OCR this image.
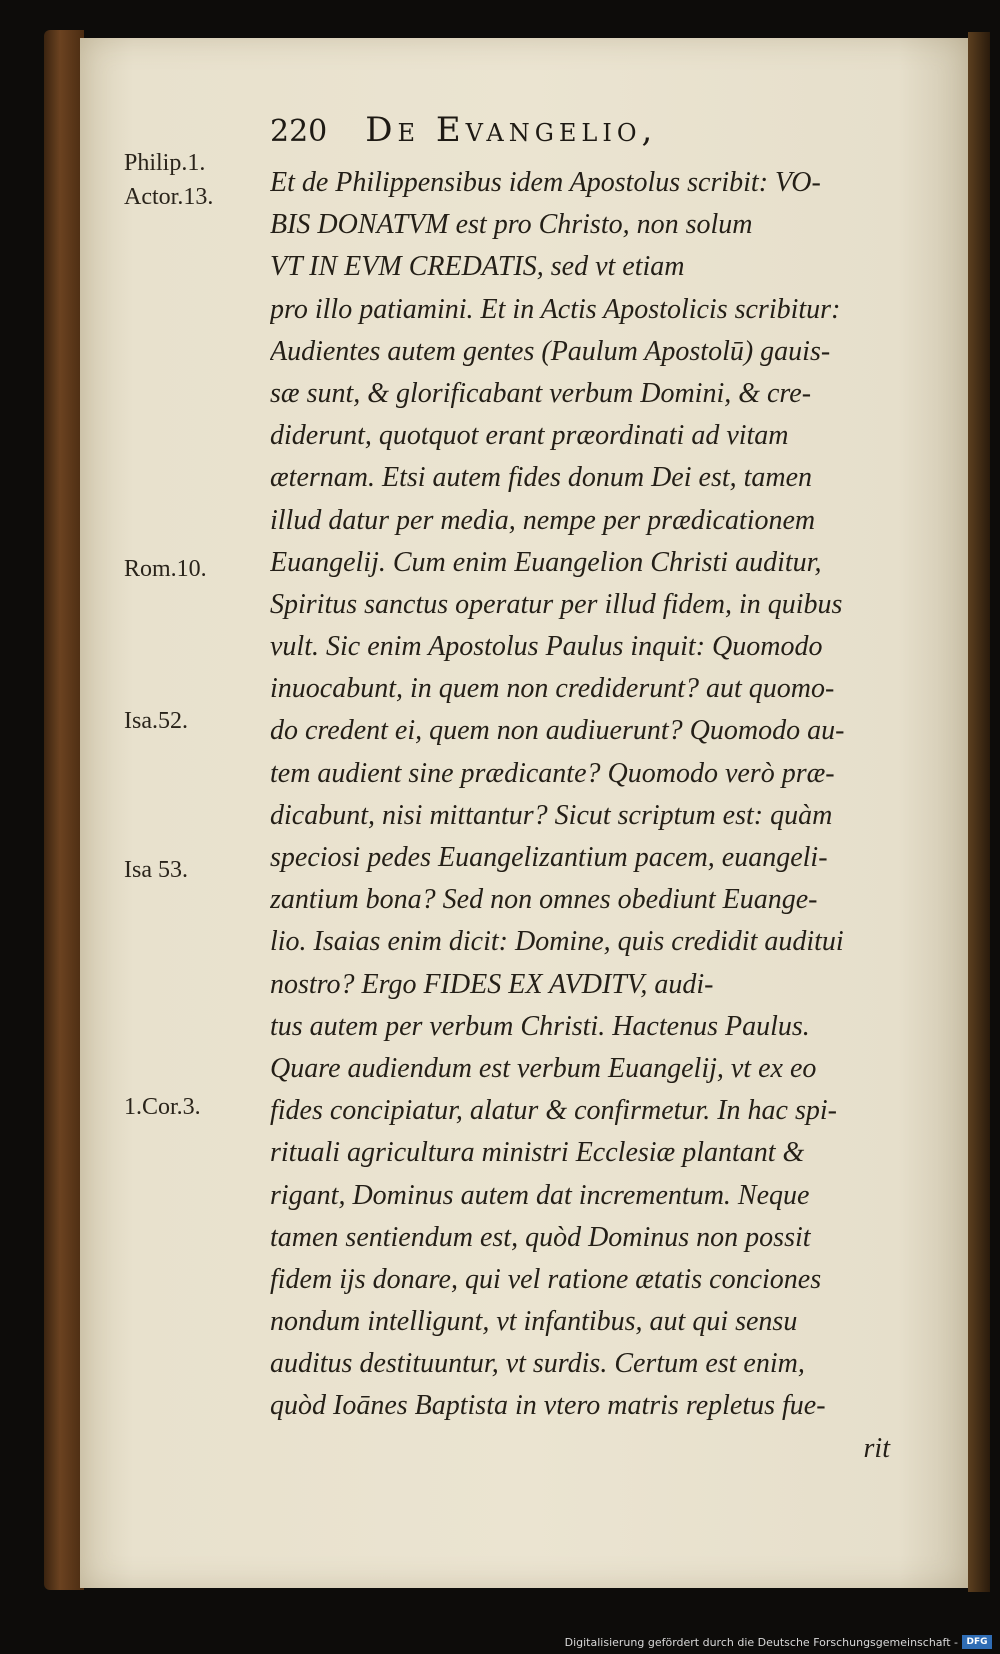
220 De Evangelio,
Philip.1.
Actor.13.
Rom.10.
Isa.52.
Isa 53.
1.Cor.3.
Et de Philippensibus idem Apostolus scribit: VO-
BIS DONATVM est pro Christo, non solum
VT IN EVM CREDATIS, sed vt etiam
pro illo patiamini. Et in Actis Apostolicis scribitur:
Audientes autem gentes (Paulum Apostolū) gauis-
sæ sunt, & glorificabant verbum Domini, & cre-
diderunt, quotquot erant præordinati ad vitam
æternam. Etsi autem fides donum Dei est, tamen
illud datur per media, nempe per prædicationem
Euangelij. Cum enim Euangelion Christi auditur,
Spiritus sanctus operatur per illud fidem, in quibus
vult. Sic enim Apostolus Paulus inquit: Quomodo
inuocabunt, in quem non crediderunt? aut quomo-
do credent ei, quem non audiuerunt? Quomodo au-
tem audient sine prædicante? Quomodo verò præ-
dicabunt, nisi mittantur? Sicut scriptum est: quàm
speciosi pedes Euangelizantium pacem, euangeli-
zantium bona? Sed non omnes obediunt Euange-
lio. Isaias enim dicit: Domine, quis credidit auditui
nostro? Ergo FIDES EX AVDITV, audi-
tus autem per verbum Christi. Hactenus Paulus.
Quare audiendum est verbum Euangelij, vt ex eo
fides concipiatur, alatur & confirmetur. In hac spi-
rituali agricultura ministri Ecclesiæ plantant &
rigant, Dominus autem dat incrementum. Neque
tamen sentiendum est, quòd Dominus non possit
fidem ijs donare, qui vel ratione ætatis conciones
nondum intelligunt, vt infantibus, aut qui sensu
auditus destituuntur, vt surdis. Certum est enim,
quòd Ioānes Baptista in vtero matris repletus fue-
rit
Digitalisierung gefördert durch die Deutsche Forschungsgemeinschaft - DFG
